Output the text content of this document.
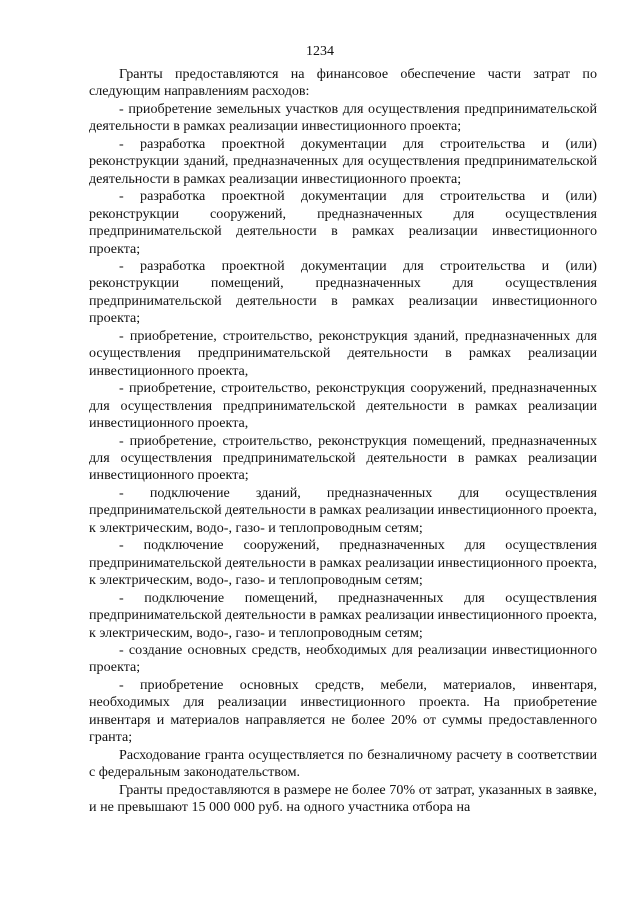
1234

Гранты предоставляются на финансовое обеспечение части затрат по следующим направлениям расходов:

- приобретение земельных участков для осуществления предпринимательской деятельности в рамках реализации инвестиционного проекта;

- разработка проектной документации для строительства и (или) реконструкции зданий, предназначенных для осуществления предпринимательской деятельности в рамках реализации инвестиционного проекта;

- разработка проектной документации для строительства и (или) реконструкции сооружений, предназначенных для осуществления предпринимательской деятельности в рамках реализации инвестиционного проекта;

- разработка проектной документации для строительства и (или) реконструкции помещений, предназначенных для осуществления предпринимательской деятельности в рамках реализации инвестиционного проекта;

- приобретение, строительство, реконструкция зданий, предназначенных для осуществления предпринимательской деятельности в рамках реализации инвестиционного проекта,

- приобретение, строительство, реконструкция сооружений, предназначенных для осуществления предпринимательской деятельности в рамках реализации инвестиционного проекта,

- приобретение, строительство, реконструкция помещений, предназначенных для осуществления предпринимательской деятельности в рамках реализации инвестиционного проекта;

- подключение зданий, предназначенных для осуществления предпринимательской деятельности в рамках реализации инвестиционного проекта, к электрическим, водо-, газо- и теплопроводным сетям;

- подключение сооружений, предназначенных для осуществления предпринимательской деятельности в рамках реализации инвестиционного проекта, к электрическим, водо-, газо- и теплопроводным сетям;

- подключение помещений, предназначенных для осуществления предпринимательской деятельности в рамках реализации инвестиционного проекта, к электрическим, водо-, газо- и теплопроводным сетям;

- создание основных средств, необходимых для реализации инвестиционного проекта;

- приобретение основных средств, мебели, материалов, инвентаря, необходимых для реализации инвестиционного проекта. На приобретение инвентаря и материалов направляется не более 20% от суммы предоставленного гранта;

Расходование гранта осуществляется по безналичному расчету в соответствии с федеральным законодательством.

Гранты предоставляются в размере не более 70% от затрат, указанных в заявке, и не превышают 15 000 000 руб. на одного участника отбора на
